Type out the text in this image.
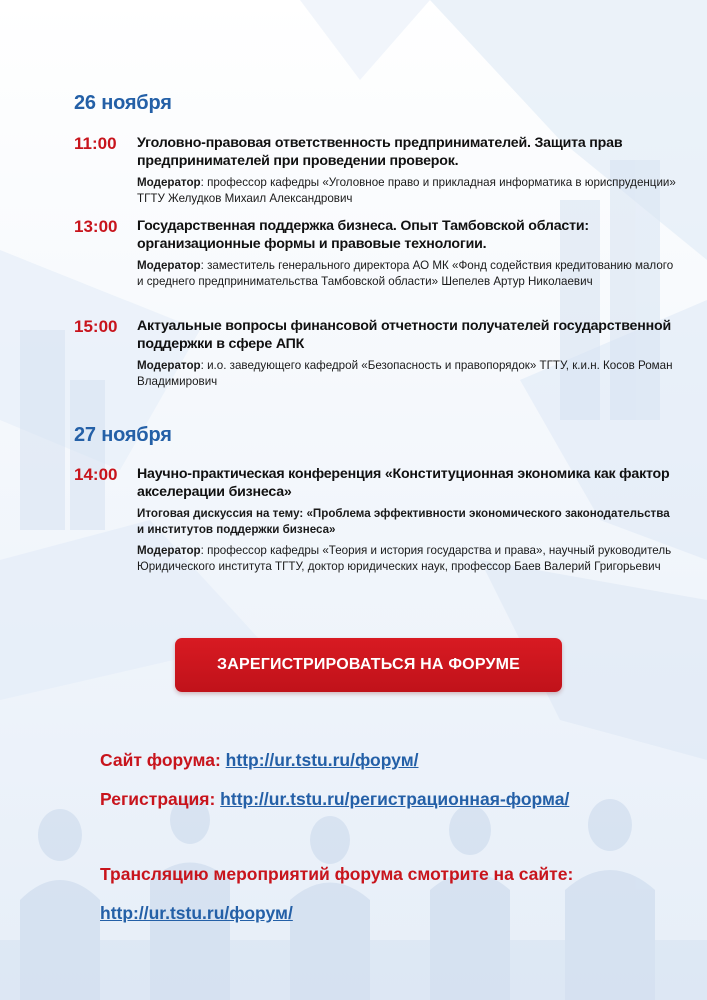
26 ноября
11:00 Уголовно-правовая ответственность предпринимателей. Защита прав предпринимателей при проведении проверок.

Модератор: профессор кафедры «Уголовное право и прикладная информатика в юриспруденции» ТГТУ Желудков Михаил Александрович

13:00 Государственная поддержка бизнеса. Опыт Тамбовской области: организационные формы и правовые технологии.

Модератор: заместитель генерального директора АО МК «Фонд содействия кредитованию малого и среднего предпринимательства Тамбовской области» Шепелев Артур Николаевич

15:00 Актуальные вопросы финансовой отчетности получателей государственной поддержки в сфере АПК

Модератор: и.о. заведующего кафедрой «Безопасность и правопорядок» ТГТУ, к.и.н. Косов Роман Владимирович

27 ноября
14:00 Научно-практическая конференция «Конституционная экономика как фактор акселерации бизнеса»

Итоговая дискуссия на тему: «Проблема эффективности экономического законодательства и институтов поддержки бизнеса»

Модератор: профессор кафедры «Теория и история государства и права», научный руководитель Юридического института ТГТУ, доктор юридических наук, профессор Баев Валерий Григорьевич

ЗАРЕГИСТРИРОВАТЬСЯ НА ФОРУМЕ

Сайт форума: http://ur.tstu.ru/форум/

Регистрация: http://ur.tstu.ru/регистрационная-форма/

Трансляцию мероприятий форума смотрите на сайте:

http://ur.tstu.ru/форум/
